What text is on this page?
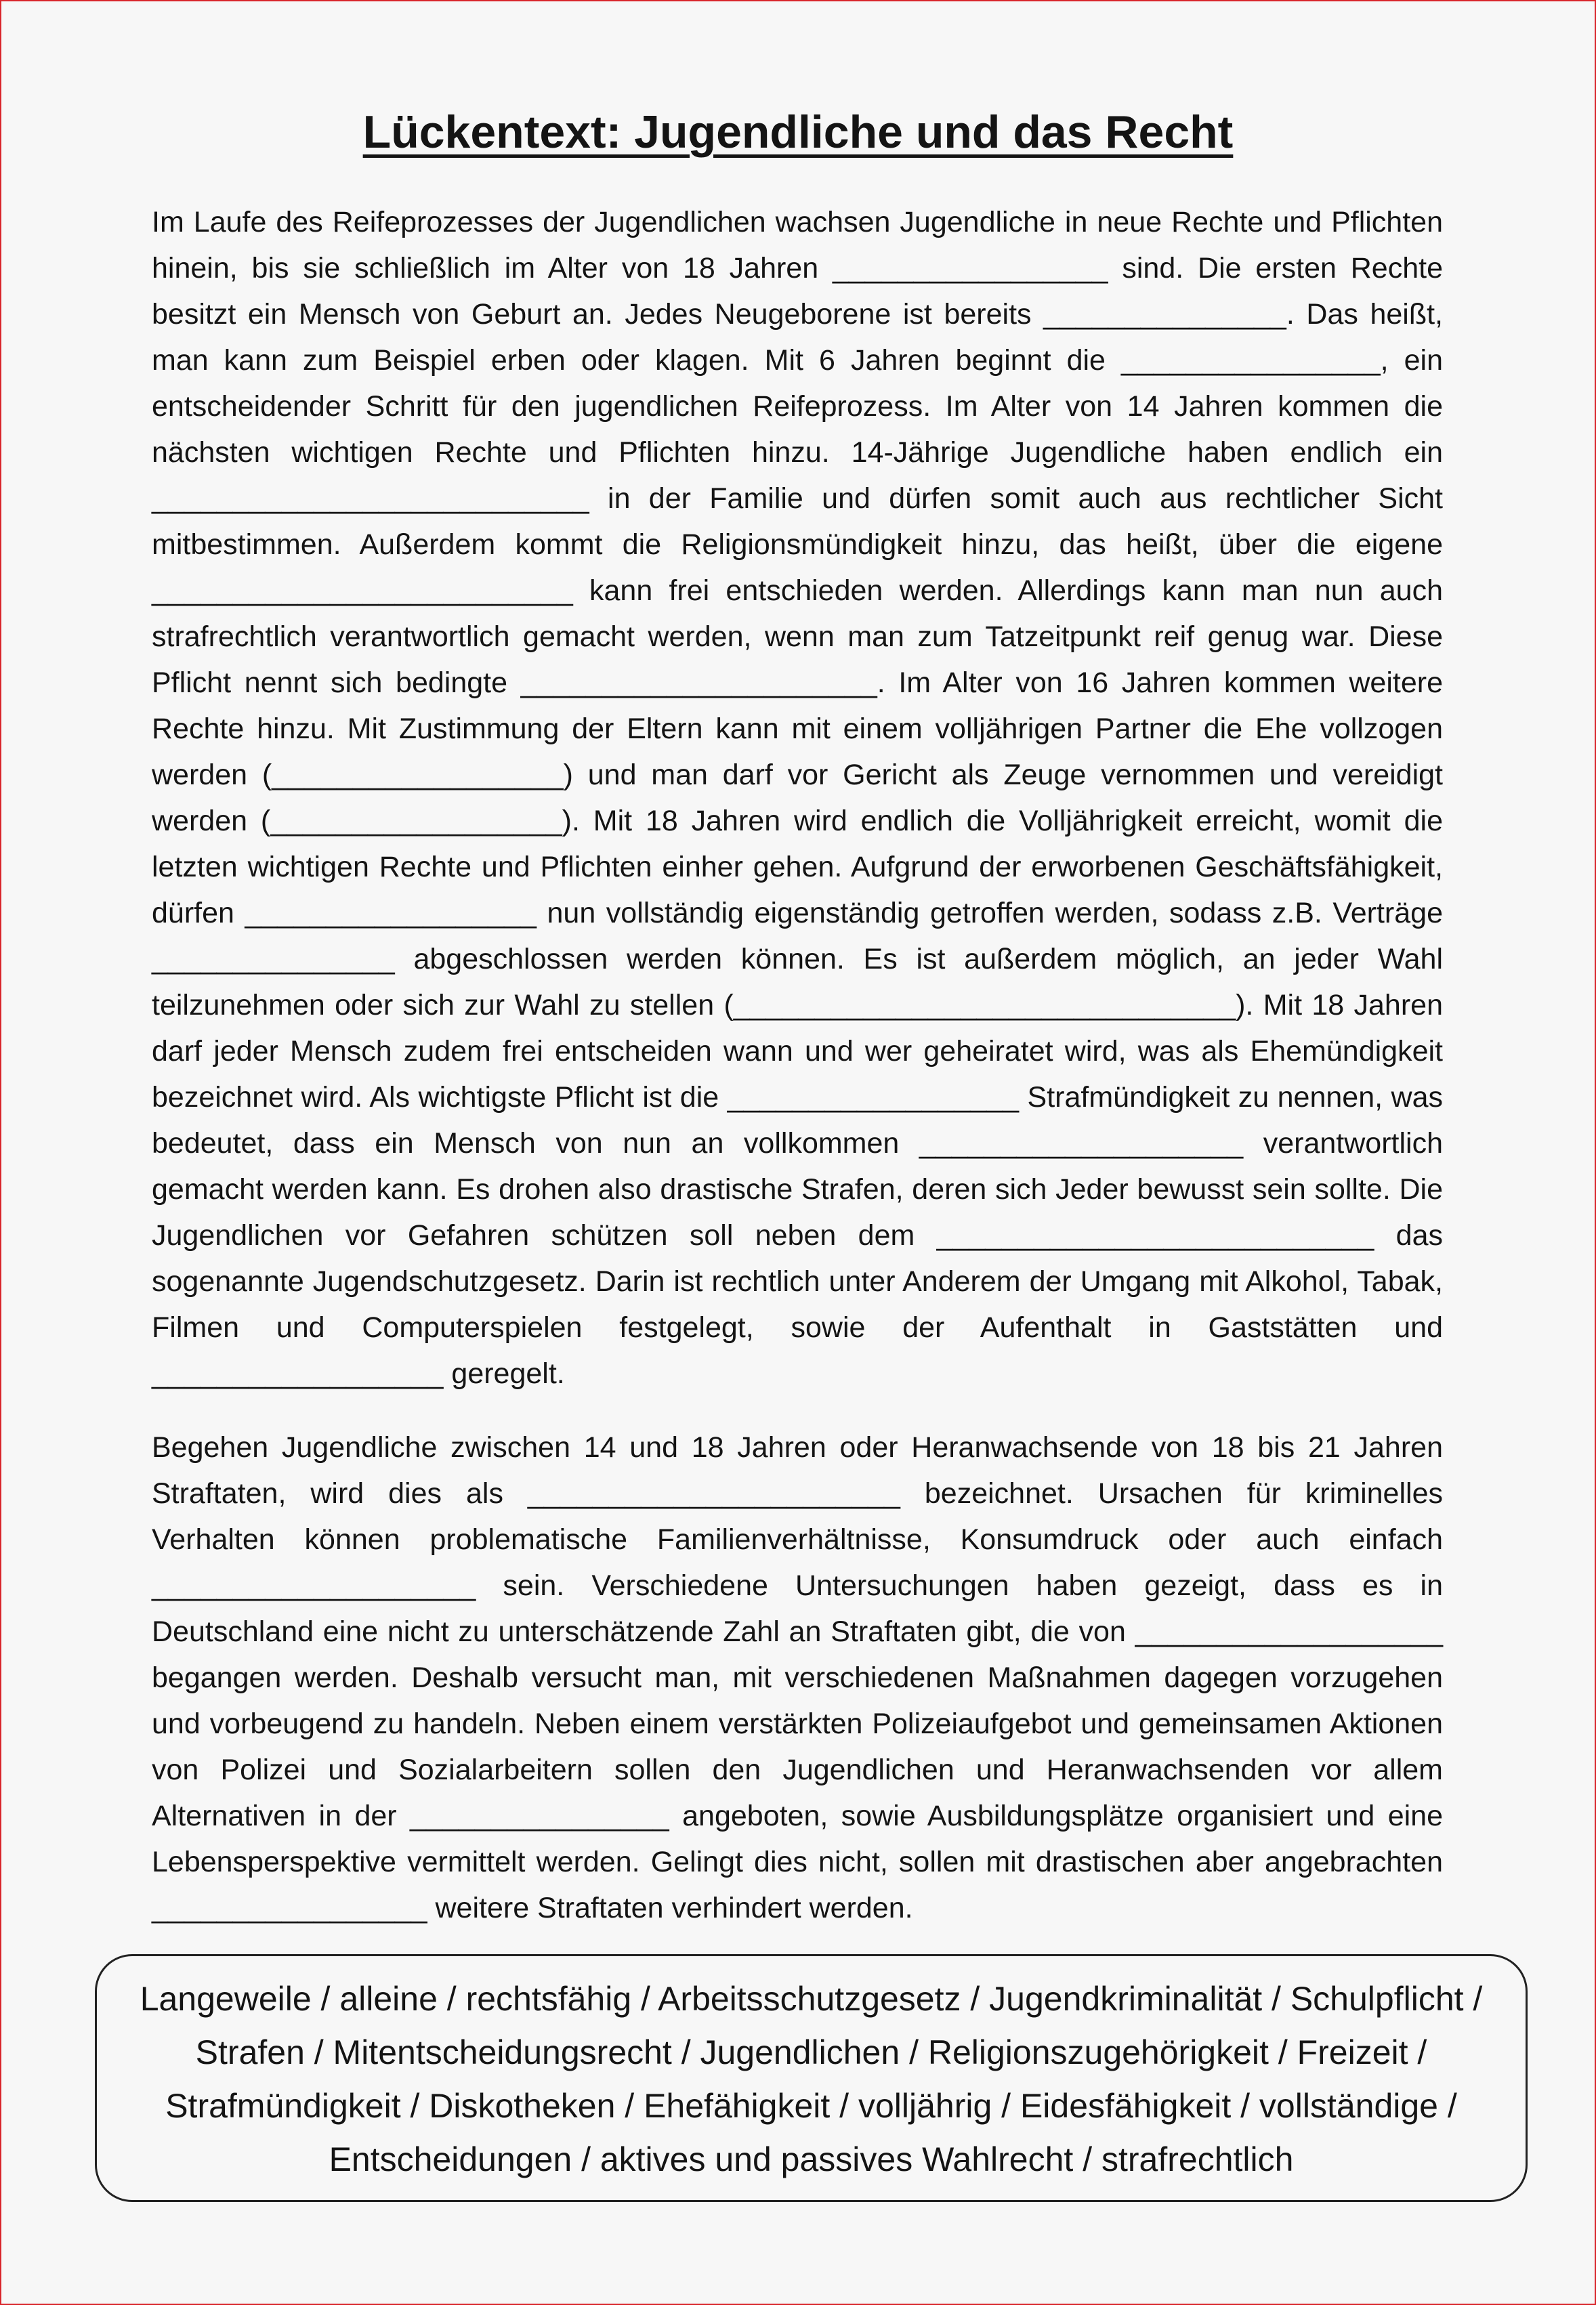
Lückentext: Jugendliche und das Recht

Im Laufe des Reifeprozesses der Jugendlichen wachsen Jugendliche in neue Rechte und Pflichten hinein, bis sie schließlich im Alter von 18 Jahren _________________ sind. Die ersten Rechte besitzt ein Mensch von Geburt an. Jedes Neugeborene ist bereits _______________. Das heißt, man kann zum Beispiel erben oder klagen. Mit 6 Jahren beginnt die ________________, ein entscheidender Schritt für den jugendlichen Reifeprozess. Im Alter von 14 Jahren kommen die nächsten wichtigen Rechte und Pflichten hinzu. 14-Jährige Jugendliche haben endlich ein ___________________________ in der Familie und dürfen somit auch aus rechtlicher Sicht mitbestimmen. Außerdem kommt die Religionsmündigkeit hinzu, das heißt, über die eigene __________________________ kann frei entschieden werden. Allerdings kann man nun auch strafrechtlich verantwortlich gemacht werden, wenn man zum Tatzeitpunkt reif genug war. Diese Pflicht nennt sich bedingte ______________________. Im Alter von 16 Jahren kommen weitere Rechte hinzu. Mit Zustimmung der Eltern kann mit einem volljährigen Partner die Ehe vollzogen werden (__________________) und man darf vor Gericht als Zeuge vernommen und vereidigt werden (__________________). Mit 18 Jahren wird endlich die Volljährigkeit erreicht, womit die letzten wichtigen Rechte und Pflichten einher gehen. Aufgrund der erworbenen Geschäftsfähigkeit, dürfen __________________ nun vollständig eigenständig getroffen werden, sodass z.B. Verträge _______________ abgeschlossen werden können. Es ist außerdem möglich, an jeder Wahl teilzunehmen oder sich zur Wahl zu stellen (_______________________________). Mit 18 Jahren darf jeder Mensch zudem frei entscheiden wann und wer geheiratet wird, was als Ehemündigkeit bezeichnet wird. Als wichtigste Pflicht ist die __________________ Strafmündigkeit zu nennen, was bedeutet, dass ein Mensch von nun an vollkommen ____________________ verantwortlich gemacht werden kann. Es drohen also drastische Strafen, deren sich Jeder bewusst sein sollte. Die Jugendlichen vor Gefahren schützen soll neben dem ___________________________ das sogenannte Jugendschutzgesetz. Darin ist rechtlich unter Anderem der Umgang mit Alkohol, Tabak, Filmen und Computerspielen festgelegt, sowie der Aufenthalt in Gaststätten und __________________ geregelt.

Begehen Jugendliche zwischen 14 und 18 Jahren oder Heranwachsende von 18 bis 21 Jahren Straftaten, wird dies als _______________________ bezeichnet. Ursachen für kriminelles Verhalten können problematische Familienverhältnisse, Konsumdruck oder auch einfach ____________________ sein. Verschiedene Untersuchungen haben gezeigt, dass es in Deutschland eine nicht zu unterschätzende Zahl an Straftaten gibt, die von ___________________ begangen werden. Deshalb versucht man, mit verschiedenen Maßnahmen dagegen vorzugehen und vorbeugend zu handeln. Neben einem verstärkten Polizeiaufgebot und gemeinsamen Aktionen von Polizei und Sozialarbeitern sollen den Jugendlichen und Heranwachsenden vor allem Alternativen in der ________________ angeboten, sowie Ausbildungsplätze organisiert und eine Lebensperspektive vermittelt werden. Gelingt dies nicht, sollen mit drastischen aber angebrachten _________________ weitere Straftaten verhindert werden.

Langeweile / alleine / rechtsfähig / Arbeitsschutzgesetz / Jugendkriminalität / Schulpflicht / Strafen / Mitentscheidungsrecht / Jugendlichen / Religionszugehörigkeit / Freizeit / Strafmündigkeit / Diskotheken / Ehefähigkeit / volljährig / Eidesfähigkeit / vollständige / Entscheidungen / aktives und passives Wahlrecht / strafrechtlich
